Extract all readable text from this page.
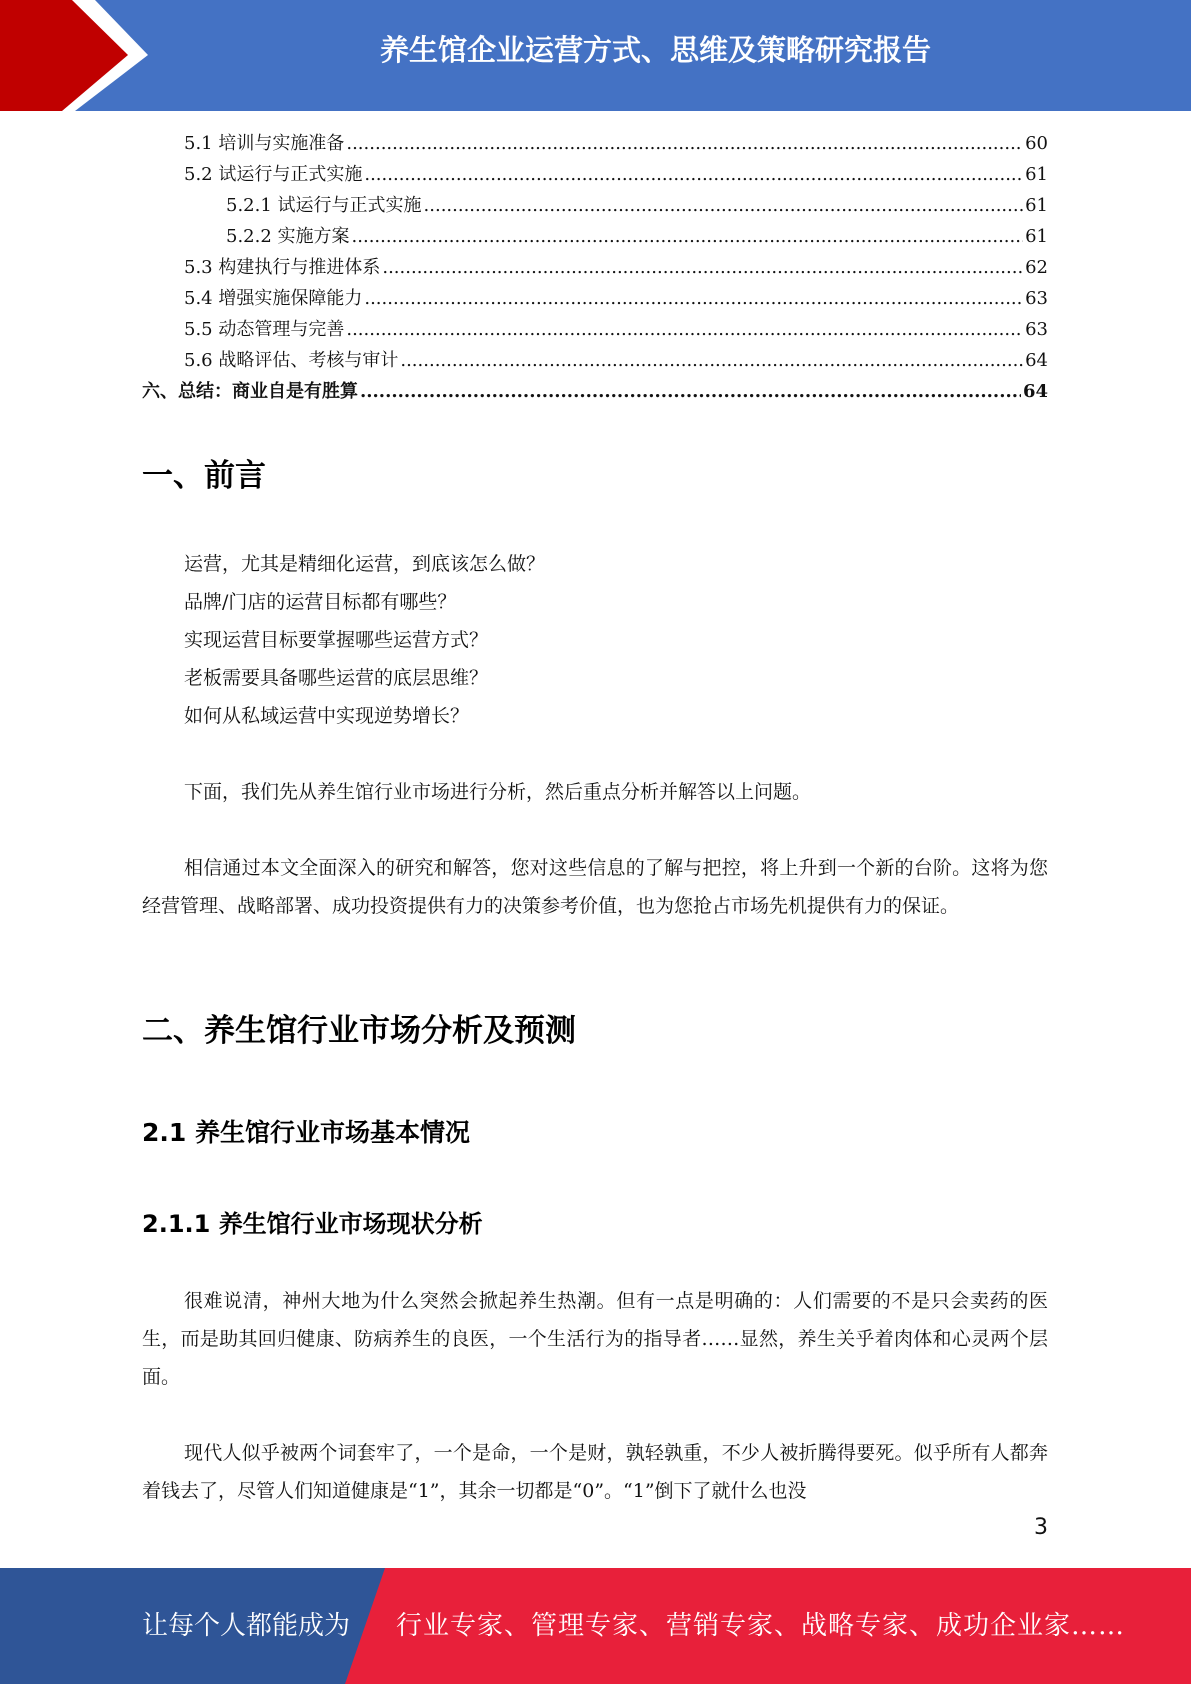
养生馆企业运营方式、思维及策略研究报告
5.1 培训与实施准备 .....	60
5.2 试运行与正式实施 .....	61
5.2.1 试运行与正式实施 .....	61
5.2.2 实施方案 .....	61
5.3 构建执行与推进体系 .....	62
5.4 增强实施保障能力 .....	63
5.5 动态管理与完善 .....	63
5.6 战略评估、考核与审计 .....	64
六、总结：商业自是有胜算 .....	64
一、前言
运营，尤其是精细化运营，到底该怎么做？
品牌/门店的运营目标都有哪些？
实现运营目标要掌握哪些运营方式？
老板需要具备哪些运营的底层思维？
如何从私域运营中实现逆势增长？

下面，我们先从养生馆行业市场进行分析，然后重点分析并解答以上问题。

相信通过本文全面深入的研究和解答，您对这些信息的了解与把控，将上升到一个新的台阶。这将为您经营管理、战略部署、成功投资提供有力的决策参考价值，也为您抢占市场先机提供有力的保证。

二、养生馆行业市场分析及预测
2.1 养生馆行业市场基本情况
2.1.1 养生馆行业市场现状分析

很难说清，神州大地为什么突然会掀起养生热潮。但有一点是明确的：人们需要的不是只会卖药的医生，而是助其回归健康、防病养生的良医，一个生活行为的指导者……显然，养生关乎着肉体和心灵两个层面。

现代人似乎被两个词套牢了，一个是命，一个是财，孰轻孰重，不少人被折腾得要死。似乎所有人都奔着钱去了，尽管人们知道健康是“1”，其余一切都是“0”。“1”倒下了就什么也没

3
让每个人都能成为 行业专家、管理专家、营销专家、战略专家、成功企业家……
